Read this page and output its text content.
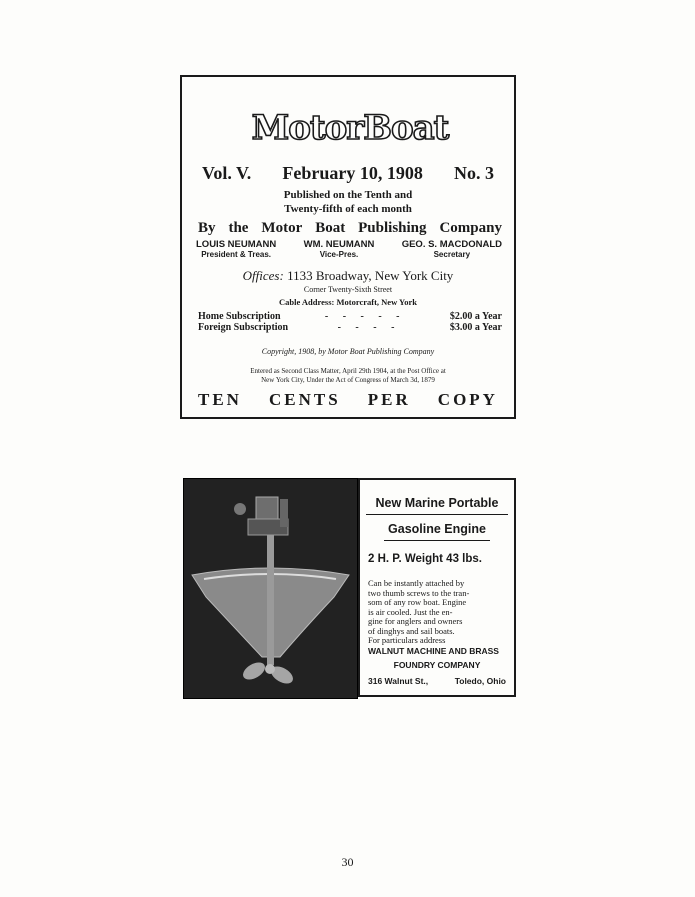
MotorBoat
Vol. V. February 10, 1908 No. 3
Published on the Tenth and
Twenty-fifth of each month
By the Motor Boat Publishing Company
LOUIS NEUMANN
President & Treas.
WM. NEUMANN
Vice-Pres.
GEO. S. MACDONALD
Secretary
Offices: 1133 Broadway, New York City
Corner Twenty-Sixth Street
Cable Address: Motorcraft, New York
Home Subscription	- - - - -	$2.00 a Year
Foreign Subscription	- - - -	$3.00 a Year
Copyright, 1908, by Motor Boat Publishing Company
Entered as Second Class Matter, April 29th 1904, at the Post Office at
New York City, Under the Act of Congress of March 3d, 1879
TEN CENTS PER COPY
New Marine Portable
Gasoline Engine
2 H. P. Weight 43 lbs.
Can be instantly attached by
two thumb screws to the tran-
som of any row boat. Engine
is air cooled. Just the en-
gine for anglers and owners
of dinghys and sail boats.
For particulars address
WALNUT MACHINE AND BRASS
FOUNDRY COMPANY
316 Walnut St.,	Toledo, Ohio
30
